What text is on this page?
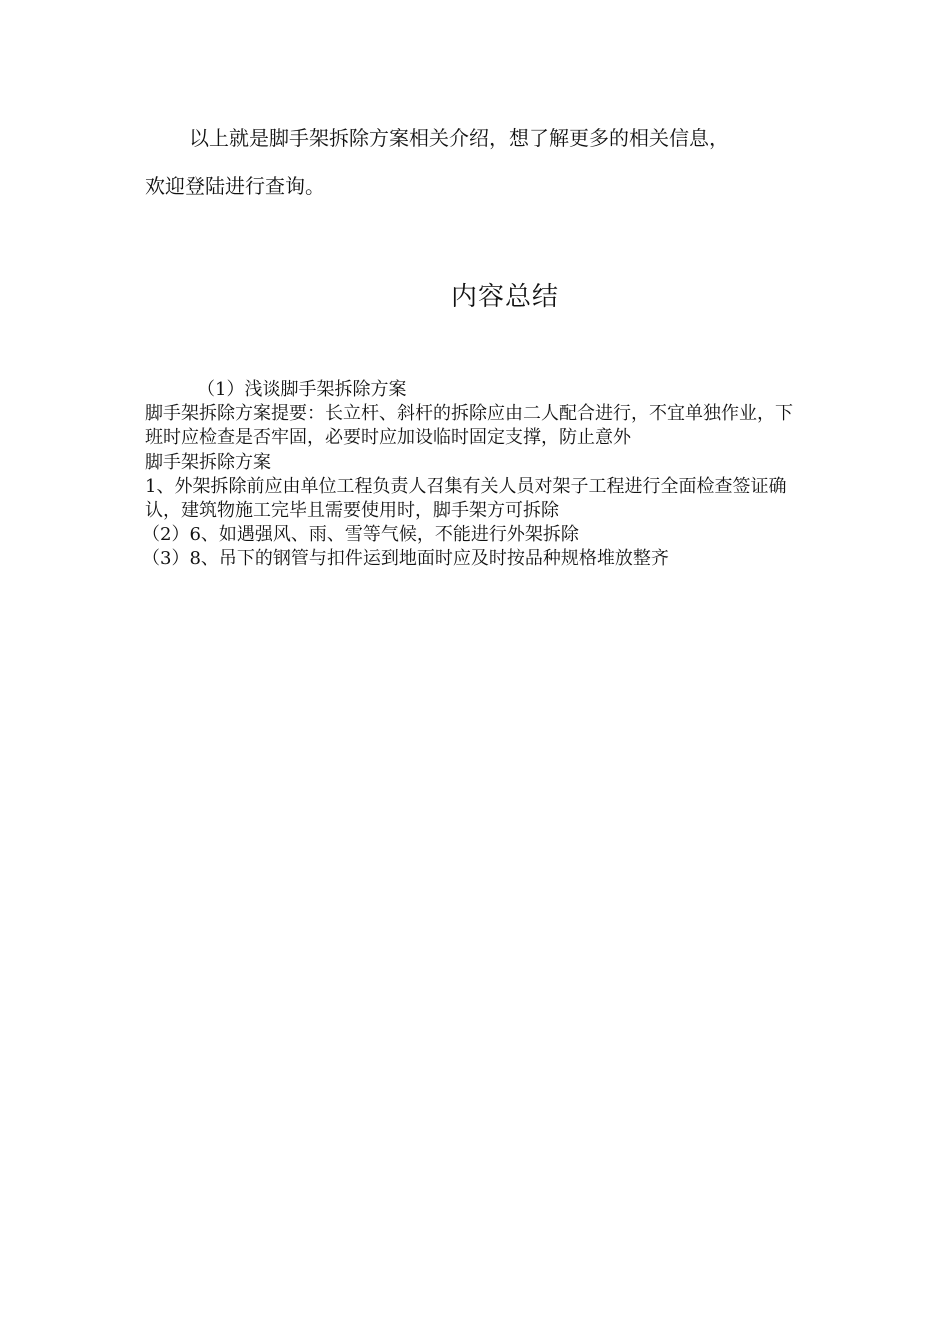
以上就是脚手架拆除方案相关介绍，想了解更多的相关信息，
欢迎登陆进行查询。
内容总结

（1）浅谈脚手架拆除方案

脚手架拆除方案提要：长立杆、斜杆的拆除应由二人配合进行，不宜单独作业，下班时应检查是否牢固，必要时应加设临时固定支撑，防止意外

脚手架拆除方案

1、外架拆除前应由单位工程负责人召集有关人员对架子工程进行全面检查签证确认，建筑物施工完毕且需要使用时，脚手架方可拆除

（2）6、如遇强风、雨、雪等气候，不能进行外架拆除

（3）8、吊下的钢管与扣件运到地面时应及时按品种规格堆放整齐
